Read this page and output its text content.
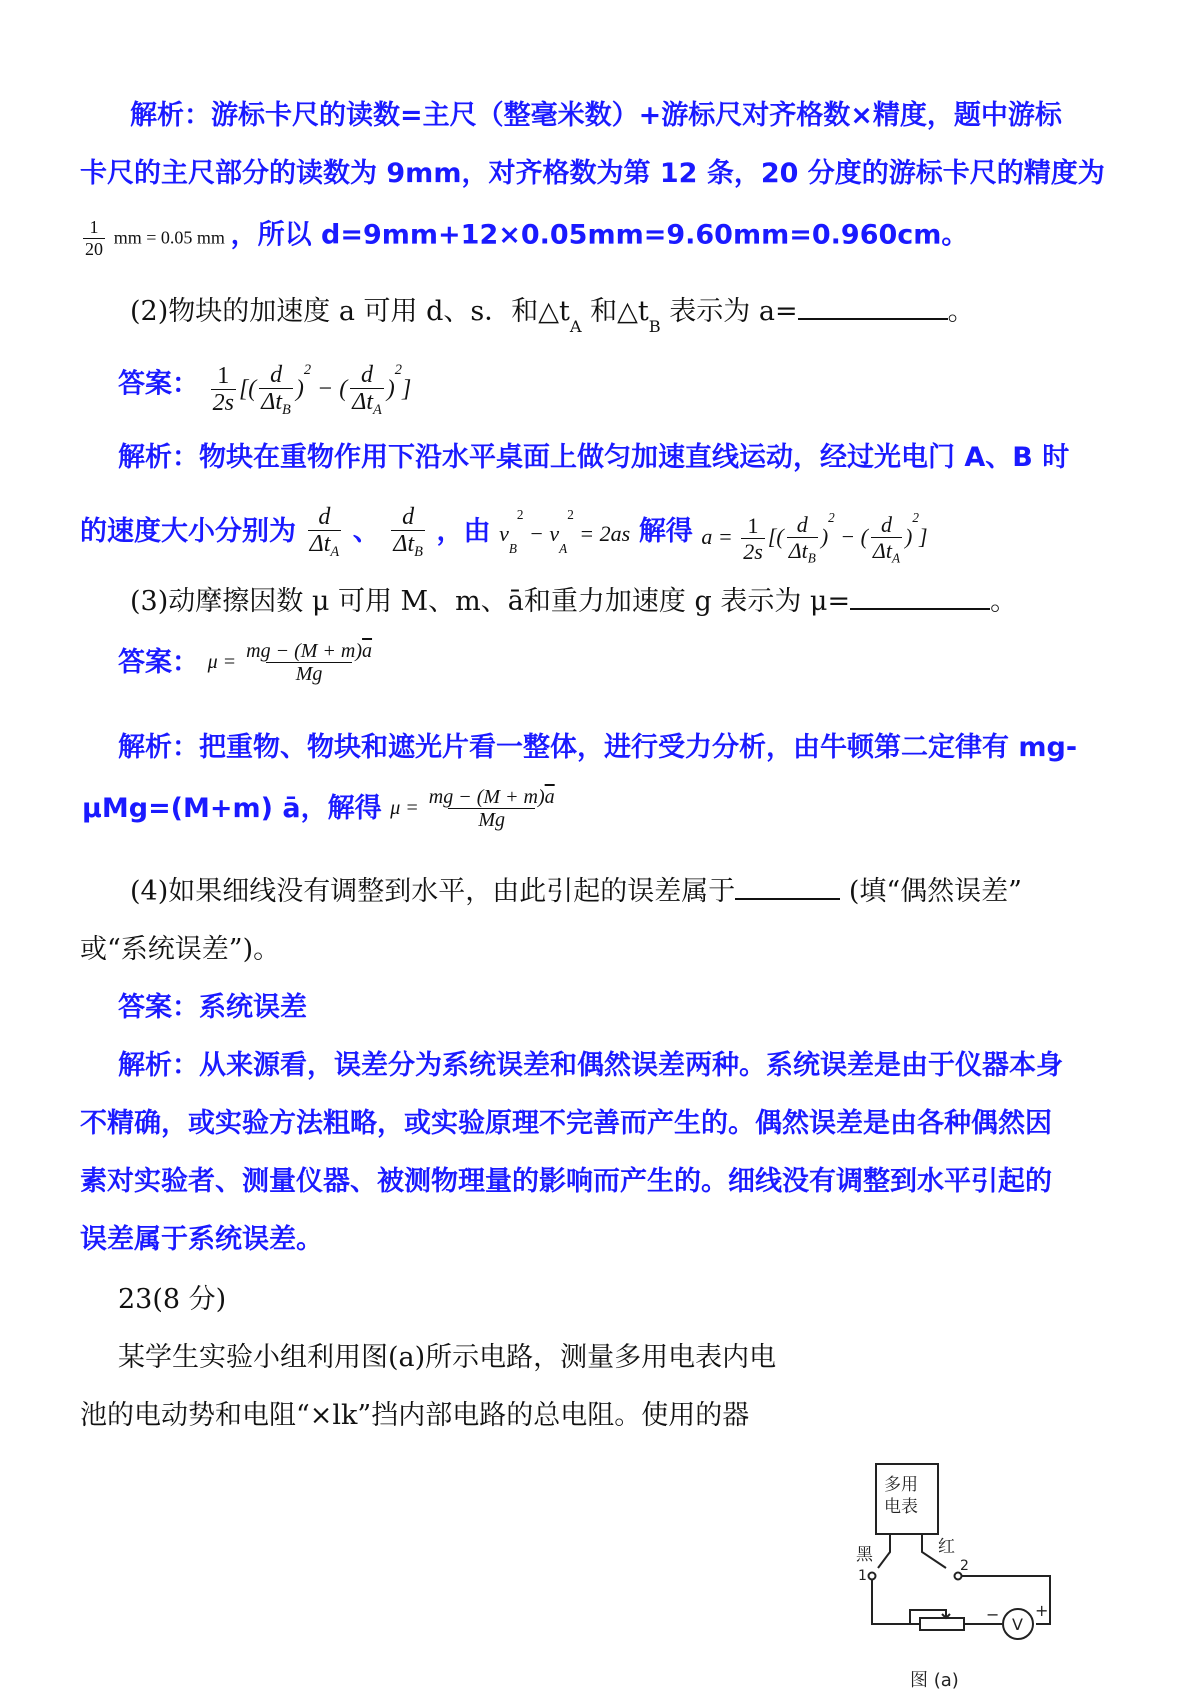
解析：游标卡尺的读数=主尺（整毫米数）+游标尺对齐格数×精度，题中游标
卡尺的主尺部分的读数为 9mm，对齐格数为第 12 条，20 分度的游标卡尺的精度为
$\frac{1}{20}$ mm = 0.05 mm ，所以 d=9mm+12×0.05mm=9.60mm=0.960cm。
(2)物块的加速度 a 可用 d、s．和$\triangle t_A$ 和$\triangle t_B$ 表示为 a=	。
答案： $\frac{1}{2s}$ [( $\frac{d}{\Delta t_B} )^2$ − ( $\frac{d}{\Delta t_A} )^2$]
解析：物块在重物作用下沿水平桌面上做匀加速直线运动，经过光电门 A、B 时
的速度大小分别为 $\frac{d}{\Delta t_A}$ 、 $\frac{d}{\Delta t_B}$ ，由 $v_B^2 - v_A^2 = 2as$ 解得 $a = \frac{1}{2s}$ [( $\frac{d}{\Delta t_B} )^2$ − ( $\frac{d}{\Delta t_A} )^2$]
(3)动摩擦因数 μ 可用 M、m、ā和重力加速度 g 表示为 μ=	。
答案： $\mu = \frac{mg - (M + m)\overline{a}}{Mg}$
解析：把重物、物块和遮光片看一整体，进行受力分析，由牛顿第二定律有 mg-
μMg=(M+m) ā，解得 $\mu = \frac{mg - (M + m)\overline{a}}{Mg}$
(4)如果细线没有调整到水平，由此引起的误差属于	(填“偶然误差”
或“系统误差”)。
答案：系统误差
解析：从来源看，误差分为系统误差和偶然误差两种。系统误差是由于仪器本身
不精确，或实验方法粗略，或实验原理不完善而产生的。偶然误差是由各种偶然因
素对实验者、测量仪器、被测物理量的影响而产生的。细线没有调整到水平引起的
误差属于系统误差。
23(8 分)
某学生实验小组利用图(a)所示电路，测量多用电表内电
池的电动势和电阻“×lk”挡内部电路的总电阻。使用的器
多用
电表
黑	红
1
2
− +
V
图 (a)
